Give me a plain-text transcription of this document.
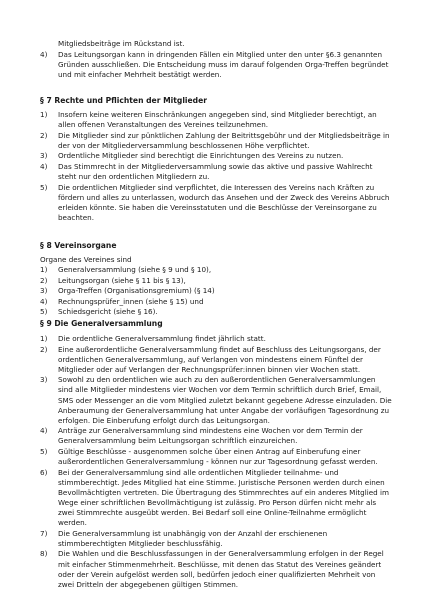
Mitgliedsbeiträge im Rückstand ist.
4)	Das Leitungsorgan kann in dringenden Fällen ein Mitglied unter den unter §6.3 genannten Gründen ausschließen. Die Entscheidung muss im darauf folgenden Orga-Treffen begründet und mit einfacher Mehrheit bestätigt werden.
§ 7 Rechte und Pflichten der Mitglieder
1)	Insofern keine weiteren Einschränkungen angegeben sind, sind Mitglieder berechtigt, an allen offenen Veranstaltungen des Vereines teilzunehmen.
2)	Die Mitglieder sind zur pünktlichen Zahlung der Beitrittsgebühr und der Mitgliedsbeiträge in der von der Mitgliederversammlung beschlossenen Höhe verpflichtet.
3)	Ordentliche Mitglieder sind berechtigt die Einrichtungen des Vereins zu nutzen.
4)	Das Stimmrecht in der Mitgliederversammlung sowie das aktive und passive Wahlrecht steht nur den ordentlichen Mitgliedern zu.
5)	Die ordentlichen Mitglieder sind verpflichtet, die Interessen des Vereins nach Kräften zu fördern und alles zu unterlassen, wodurch das Ansehen und der Zweck des Vereins Abbruch erleiden könnte. Sie haben die Vereinsstatuten und die Beschlüsse der Vereinsorgane zu beachten.
§ 8 Vereinsorgane
Organe des Vereines sind
1)	Generalversammlung (siehe § 9 und § 10),
2)	Leitungsorgan (siehe § 11 bis § 13),
3)	Orga-Treffen (Organisationsgremium) (§ 14)
4)	Rechnungsprüfer_innen (siehe § 15) und
5)	Schiedsgericht (siehe § 16).
§ 9 Die Generalversammlung
1)	Die ordentliche Generalversammlung findet jährlich statt.
2)	Eine außerordentliche Generalversammlung findet auf Beschluss des Leitungsorgans, der ordentlichen Generalversammlung, auf Verlangen von mindestens einem Fünftel der Mitglieder oder auf Verlangen der Rechnungsprüfer:innen binnen vier Wochen statt.
3)	Sowohl zu den ordentlichen wie auch zu den außerordentlichen Generalversammlungen sind alle Mitglieder mindestens vier Wochen vor dem Termin schriftlich durch Brief, Email, SMS oder Messenger an die vom Mitglied zuletzt bekannt gegebene Adresse einzuladen. Die Anberaumung der Generalversammlung hat unter Angabe der vorläufigen Tagesordnung zu erfolgen. Die Einberufung erfolgt durch das Leitungsorgan.
4)	Anträge zur Generalversammlung sind mindestens eine Wochen vor dem Termin der Generalversammlung beim Leitungsorgan schriftlich einzureichen.
5)	Gültige Beschlüsse - ausgenommen solche über einen Antrag auf Einberufung einer außerordentlichen Generalversammlung - können nur zur Tagesordnung gefasst werden.
6)	Bei der Generalversammlung sind alle ordentlichen Mitglieder teilnahme- und stimmberechtigt. Jedes Mitglied hat eine Stimme. Juristische Personen werden durch einen Bevollmächtigten vertreten. Die Übertragung des Stimmrechtes auf ein anderes Mitglied im Wege einer schriftlichen Bevollmächtigung ist zulässig. Pro Person dürfen nicht mehr als zwei Stimmrechte ausgeübt werden. Bei Bedarf soll eine Online-Teilnahme ermöglicht werden.
7)	Die Generalversammlung ist unabhängig von der Anzahl der erschienenen stimmberechtigten Mitglieder beschlussfähig.
8)	Die Wahlen und die Beschlussfassungen in der Generalversammlung erfolgen in der Regel mit einfacher Stimmenmehrheit. Beschlüsse, mit denen das Statut des Vereines geändert oder der Verein aufgelöst werden soll, bedürfen jedoch einer qualifizierten Mehrheit von zwei Dritteln der abgegebenen gültigen Stimmen.
